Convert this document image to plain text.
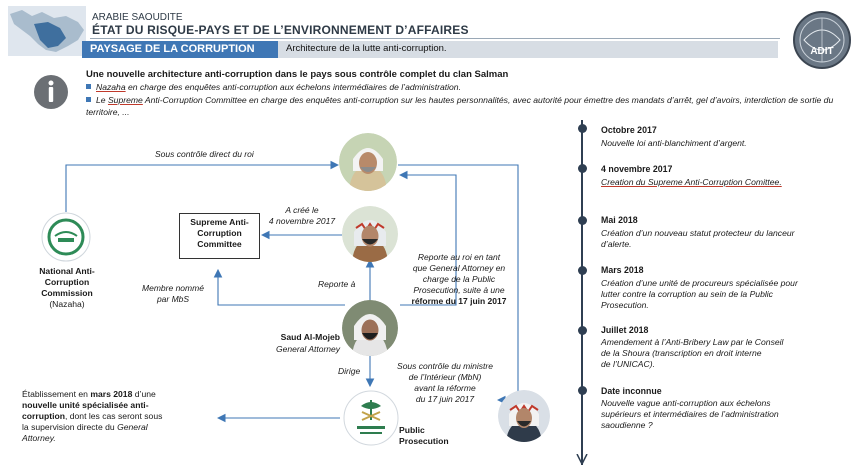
ARABIE SAOUDITE
ÉTAT DU RISQUE-PAYS ET DE L’ENVIRONNEMENT D’AFFAIRES
PAYSAGE DE LA CORRUPTION	Architecture de la lutte anti-corruption.	ADIT
Une nouvelle architecture anti-corruption dans le pays sous contrôle complet du clan Salman
Nazaha en charge des enquêtes anti-corruption aux échelons intermédiaires de l’administration.
Le Supreme Anti-Corruption Committee en charge des enquêtes anti-corruption sur les hautes personnalités, avec autorité pour émettre des mandats d’arrêt, gel d’avoirs, interdiction de sortie du territoire, ...
Sous contrôle direct du roi
A créé le
4 novembre 2017
Supreme Anti-
Corruption
Committee
National Anti-
Corruption
Commission
(Nazaha)
Membre nommé
par MbS
Reporte à
Reporte au roi en tant
que General Attorney en
charge de la Public
Prosecution, suite à une
réforme du 17 juin 2017
Saud Al-Mojeb
General Attorney
Dirige	Sous contrôle du ministre
de l’Intérieur (MbN)
avant la réforme
du 17 juin 2017
Public
Prosecution
Établissement en mars 2018 d’une
nouvelle unité spécialisée anti-
corruption, dont les cas seront sous
la supervision directe du General
Attorney.
Octobre 2017
Nouvelle loi anti-blanchiment d’argent.
4 novembre 2017
Creation du Supreme Anti-Corruption Comittee.
Mai 2018
Création d’un nouveau statut protecteur du lanceur
d’alerte.
Mars 2018
Création d’une unité de procureurs spécialisée pour
lutter contre la corruption au sein de la Public
Prosecution.
Juillet 2018
Amendement à l’Anti-Bribery Law par le Conseil
de la Shoura (transcription en droit interne
de l’UNICAC).
Date inconnue
Nouvelle vague anti-corruption aux échelons
supérieurs et intermédiaires de l’administration
saoudienne ?
